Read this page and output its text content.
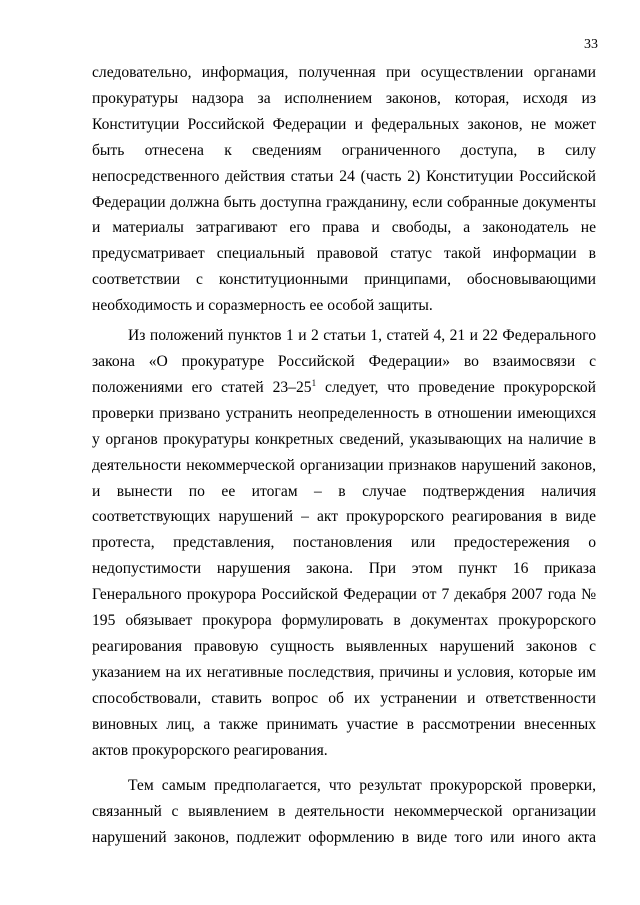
33

следовательно, информация, полученная при осуществлении органами прокуратуры надзора за исполнением законов, которая, исходя из Конституции Российской Федерации и федеральных законов, не может быть отнесена к сведениям ограниченного доступа, в силу непосредственного действия статьи 24 (часть 2) Конституции Российской Федерации должна быть доступна гражданину, если собранные документы и материалы затрагивают его права и свободы, а законодатель не предусматривает специальный правовой статус такой информации в соответствии с конституционными принципами, обосновывающими необходимость и соразмерность ее особой защиты.

Из положений пунктов 1 и 2 статьи 1, статей 4, 21 и 22 Федерального закона «О прокуратуре Российской Федерации» во взаимосвязи с положениями его статей $23-25^1$ следует, что проведение прокурорской проверки призвано устранить неопределенность в отношении имеющихся у органов прокуратуры конкретных сведений, указывающих на наличие в деятельности некоммерческой организации признаков нарушений законов, и вынести по ее итогам – в случае подтверждения наличия соответствующих нарушений – акт прокурорского реагирования в виде протеста, представления, постановления или предостережения о недопустимости нарушения закона. При этом пункт 16 приказа Генерального прокурора Российской Федерации от 7 декабря 2007 года № 195 обязывает прокурора формулировать в документах прокурорского реагирования правовую сущность выявленных нарушений законов с указанием на их негативные последствия, причины и условия, которые им способствовали, ставить вопрос об их устранении и ответственности виновных лиц, а также принимать участие в рассмотрении внесенных актов прокурорского реагирования.

Тем самым предполагается, что результат прокурорской проверки, связанный с выявлением в деятельности некоммерческой организации нарушений законов, подлежит оформлению в виде того или иного акта
